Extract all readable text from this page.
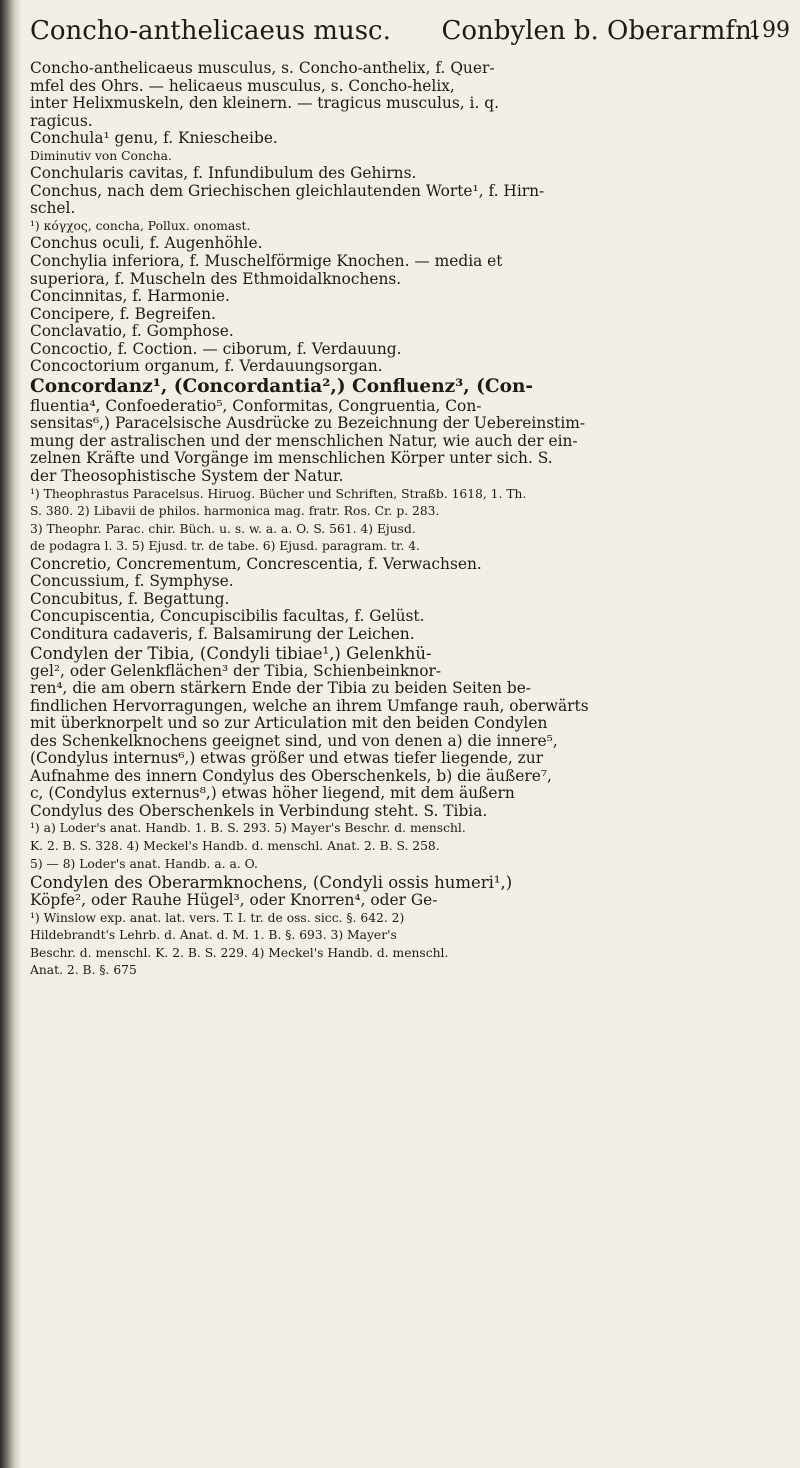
Concho-anthelicaeus musc. Conbylen b. Oberarmfn.
199
Concho-anthelicaeus musculus, s. Concho-anthelix, f. Quer-
mfel des Ohrs. — helicaeus musculus, s. Concho-helix,
inter Helixmuskeln, den kleinern. — tragicus musculus, i. q.
ragicus.
Conchula¹ genu, f. Kniescheibe.
Diminutiv von Concha.
Conchularis cavitas, f. Infundibulum des Gehirns.
Conchus, nach dem Griechischen gleichlautenden Worte¹, f. Hirn-
schel.
¹) κόγχος, concha, Pollux. onomast.
Conchus oculi, f. Augenhöhle.
Conchylia inferiora, f. Muschelförmige Knochen. — media et
superiora, f. Muscheln des Ethmoidalknochens.
Concinnitas, f. Harmonie.
Concipere, f. Begreifen.
Conclavatio, f. Gomphose.
Concoctio, f. Coction. — ciborum, f. Verdauung.
Concoctorium organum, f. Verdauungsorgan.
Concordanz¹, (Concordantia²,) Confluenz³, (Con-
fluentia⁴, Confoederatio⁵, Conformitas, Congruentia, Con-
sensitas⁶,) Paracelsische Ausdrücke zu Bezeichnung der Uebereinstim-
mung der astralischen und der menschlichen Natur, wie auch der ein-
zelnen Kräfte und Vorgänge im menschlichen Körper unter sich. S.
der Theosophistische System der Natur.
¹) Theophrastus Paracelsus. Hiruog. Bücher und Schriften, Straßb. 1618, 1. Th.
S. 380. 2) Libavii de philos. harmonica mag. fratr. Ros. Cr. p. 283.
3) Theophr. Parac. chir. Büch. u. s. w. a. a. O. S. 561. 4) Ejusd.
de podagra l. 3. 5) Ejusd. tr. de tabe. 6) Ejusd. paragram. tr. 4.
Concretio, Concrementum, Concrescentia, f. Verwachsen.
Concussium, f. Symphyse.
Concubitus, f. Begattung.
Concupiscentia, Concupiscibilis facultas, f. Gelüst.
Conditura cadaveris, f. Balsamirung der Leichen.
Condylen der Tibia, (Condyli tibiae¹,) Gelenkhü-
gel², oder Gelenkflächen³ der Tibia, Schienbeinknor-
ren⁴, die am obern stärkern Ende der Tibia zu beiden Seiten be-
findlichen Hervorragungen, welche an ihrem Umfange rauh, oberwärts
mit überknorpelt und so zur Articulation mit den beiden Condylen
des Schenkelknochens geeignet sind, und von denen a) die innere⁵,
(Condylus internus⁶,) etwas größer und etwas tiefer liegende, zur
Aufnahme des innern Condylus des Oberschenkels, b) die äußere⁷,
c, (Condylus externus⁸,) etwas höher liegend, mit dem äußern
Condylus des Oberschenkels in Verbindung steht. S. Tibia.
¹) a) Loder's anat. Handb. 1. B. S. 293. 5) Mayer's Beschr. d. menschl.
K. 2. B. S. 328. 4) Meckel's Handb. d. menschl. Anat. 2. B. S. 258.
5) — 8) Loder's anat. Handb. a. a. O.
Condylen des Oberarmknochens, (Condyli ossis humeri¹,)
Köpfe², oder Rauhe Hügel³, oder Knorren⁴, oder Ge-
¹) Winslow exp. anat. lat. vers. T. I. tr. de oss. sicc. §. 642. 2)
Hildebrandt's Lehrb. d. Anat. d. M. 1. B. §. 693. 3) Mayer's
Beschr. d. menschl. K. 2. B. S. 229. 4) Meckel's Handb. d. menschl.
Anat. 2. B. §. 675
